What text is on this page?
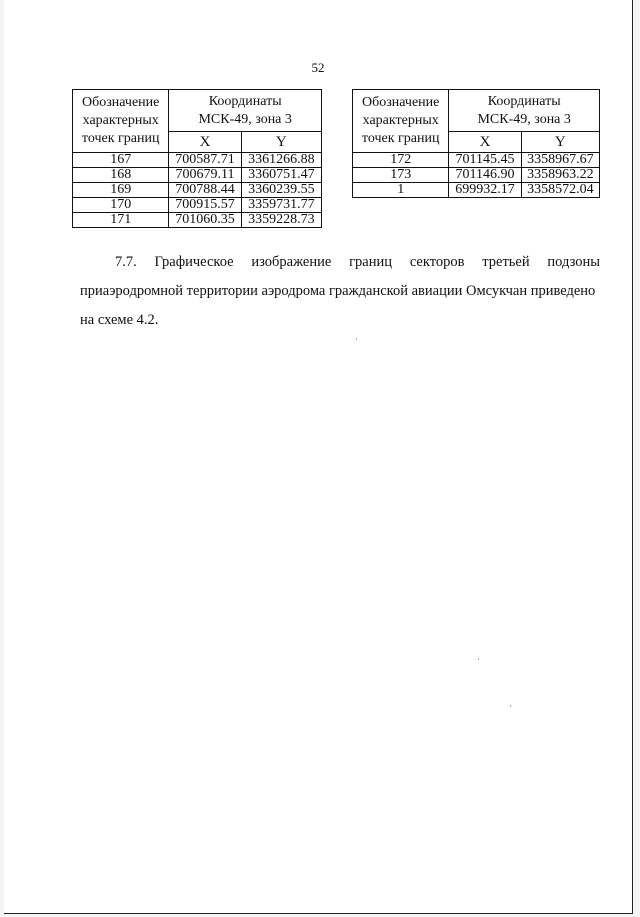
52
Обозначение
характерных
точек границ	Координаты
МСК-49, зона 3	
	X	Y
167	700587.71	3361266.88
168	700679.11	3360751.47
169	700788.44	3360239.55
170	700915.57	3359731.77
171	701060.35	3359228.73
Обозначение
характерных
точек границ	Координаты
МСК-49, зона 3	
	X	Y
172	701145.45	3358967.67
173	701146.90	3358963.22
1	699932.17	3358572.04
7.7. Графическое изображение границ секторов третьей подзоны
приаэродромной территории аэродрома гражданской авиации Омсукчан приведено
на схеме 4.2.
